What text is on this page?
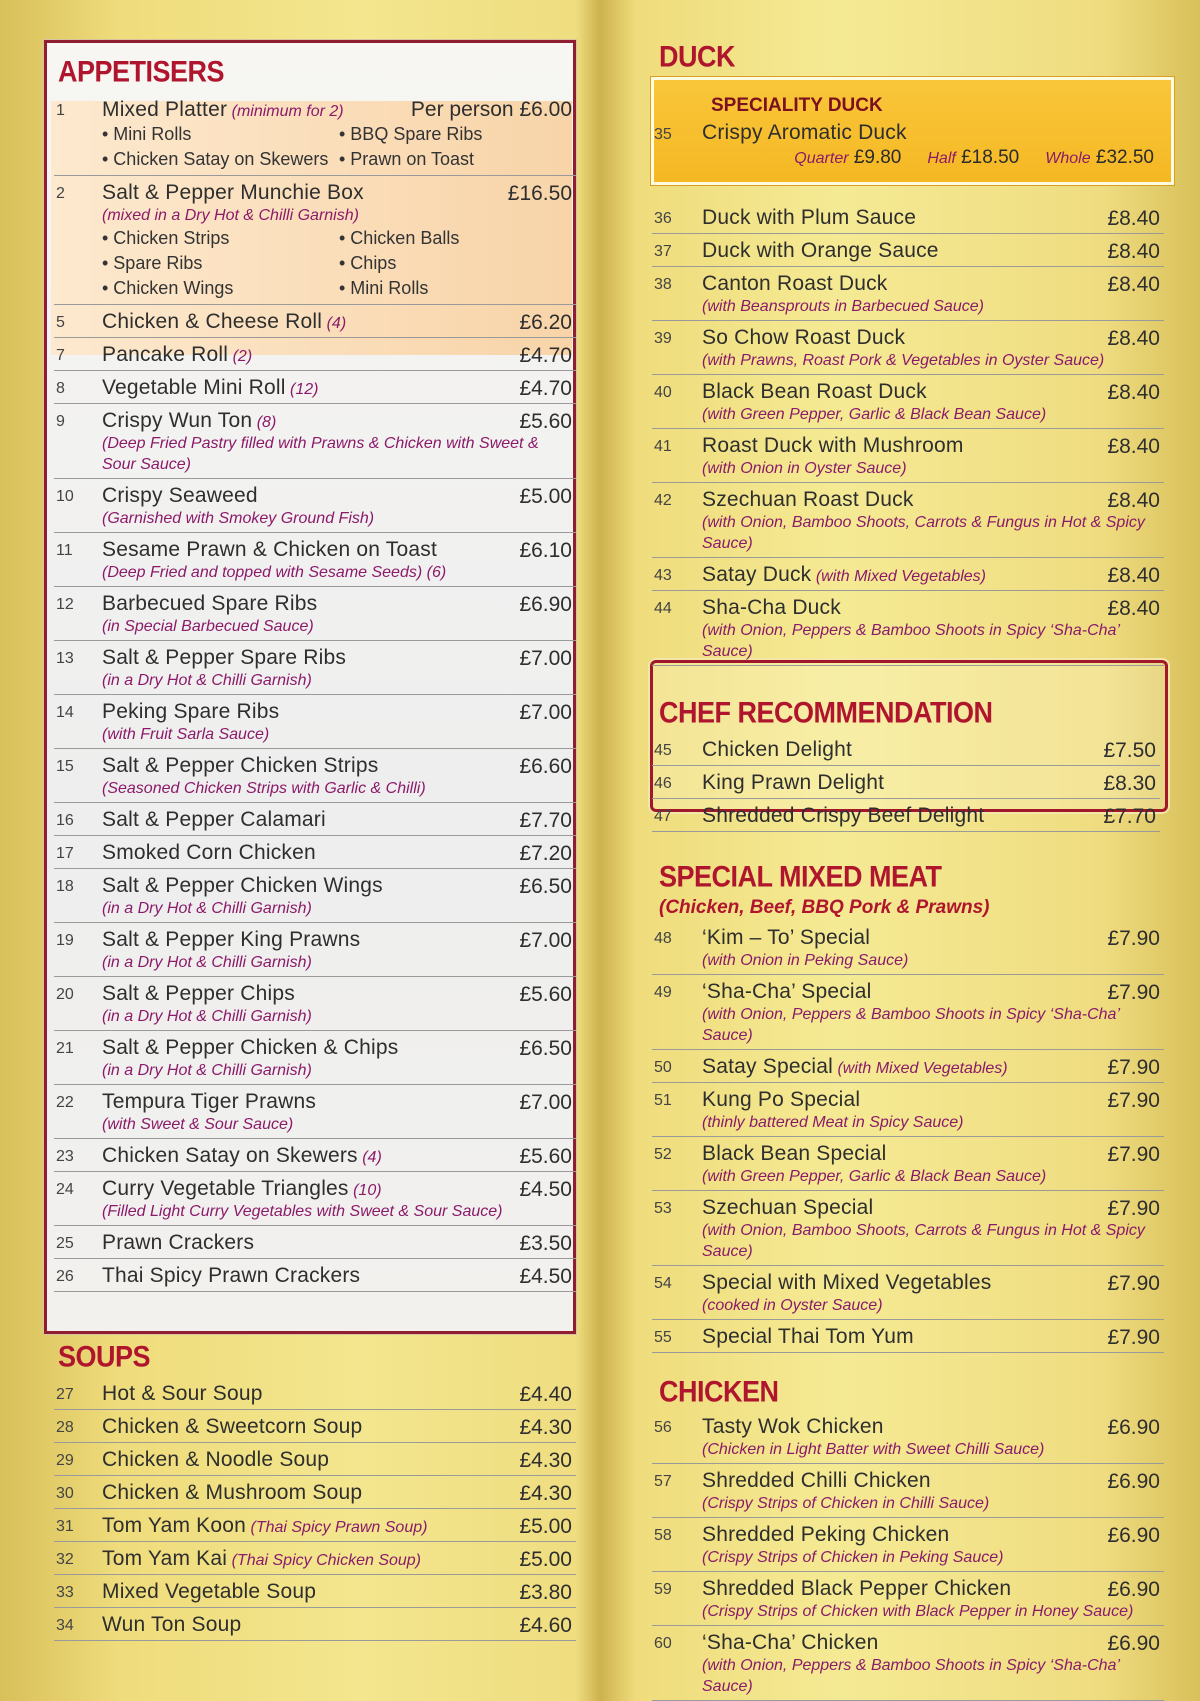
APPETISERS
1 Mixed Platter (minimum for 2)	Per person £6.00
• Mini Rolls	• BBQ Spare Ribs
• Chicken Satay on Skewers • Prawn on Toast
2 Salt & Pepper Munchie Box	£16.50
(mixed in a Dry Hot & Chilli Garnish)
• Chicken Strips	• Chicken Balls
• Spare Ribs	• Chips
• Chicken Wings	• Mini Rolls
5 Chicken & Cheese Roll (4)	£6.20
7 Pancake Roll (2)	£4.70
8 Vegetable Mini Roll (12)	£4.70
9 Crispy Wun Ton (8)	£5.60
(Deep Fried Pastry filled with Prawns & Chicken with Sweet & Sour Sauce)
10 Crispy Seaweed	£5.00
(Garnished with Smokey Ground Fish)
11 Sesame Prawn & Chicken on Toast	£6.10
(Deep Fried and topped with Sesame Seeds) (6)
12 Barbecued Spare Ribs	£6.90
(in Special Barbecued Sauce)
13 Salt & Pepper Spare Ribs	£7.00
(in a Dry Hot & Chilli Garnish)
14 Peking Spare Ribs	£7.00
(with Fruit Sarla Sauce)
15 Salt & Pepper Chicken Strips	£6.60
(Seasoned Chicken Strips with Garlic & Chilli)
16 Salt & Pepper Calamari	£7.70
17 Smoked Corn Chicken	£7.20
18 Salt & Pepper Chicken Wings	£6.50
(in a Dry Hot & Chilli Garnish)
19 Salt & Pepper King Prawns	£7.00
(in a Dry Hot & Chilli Garnish)
20 Salt & Pepper Chips	£5.60
(in a Dry Hot & Chilli Garnish)
21 Salt & Pepper Chicken & Chips	£6.50
(in a Dry Hot & Chilli Garnish)
22 Tempura Tiger Prawns	£7.00
(with Sweet & Sour Sauce)
23 Chicken Satay on Skewers (4)	£5.60
24 Curry Vegetable Triangles (10)	£4.50
(Filled Light Curry Vegetables with Sweet & Sour Sauce)
25 Prawn Crackers	£3.50
26 Thai Spicy Prawn Crackers	£4.50
SOUPS
27 Hot & Sour Soup	£4.40
28 Chicken & Sweetcorn Soup	£4.30
29 Chicken & Noodle Soup	£4.30
30 Chicken & Mushroom Soup	£4.30
31 Tom Yam Koon (Thai Spicy Prawn Soup)	£5.00
32 Tom Yam Kai (Thai Spicy Chicken Soup)	£5.00
33 Mixed Vegetable Soup	£3.80
34 Wun Ton Soup	£4.60
DUCK
SPECIALITY DUCK
35 Crispy Aromatic Duck
Quarter £9.80 Half £18.50 Whole £32.50
36 Duck with Plum Sauce	£8.40
37 Duck with Orange Sauce	£8.40
38 Canton Roast Duck	£8.40
(with Beansprouts in Barbecued Sauce)
39 So Chow Roast Duck	£8.40
(with Prawns, Roast Pork & Vegetables in Oyster Sauce)
40 Black Bean Roast Duck	£8.40
(with Green Pepper, Garlic & Black Bean Sauce)
41 Roast Duck with Mushroom	£8.40
(with Onion in Oyster Sauce)
42 Szechuan Roast Duck	£8.40
(with Onion, Bamboo Shoots, Carrots & Fungus in Hot & Spicy Sauce)
43 Satay Duck (with Mixed Vegetables)	£8.40
44 Sha-Cha Duck	£8.40
(with Onion, Peppers & Bamboo Shoots in Spicy ‘Sha-Cha’ Sauce)
CHEF RECOMMENDATION
45 Chicken Delight	£7.50
46 King Prawn Delight	£8.30
47 Shredded Crispy Beef Delight	£7.70
SPECIAL MIXED MEAT
(Chicken, Beef, BBQ Pork & Prawns)
48 ‘Kim – To’ Special	£7.90
(with Onion in Peking Sauce)
49 ‘Sha-Cha’ Special	£7.90
(with Onion, Peppers & Bamboo Shoots in Spicy ‘Sha-Cha’ Sauce)
50 Satay Special (with Mixed Vegetables)	£7.90
51 Kung Po Special	£7.90
(thinly battered Meat in Spicy Sauce)
52 Black Bean Special	£7.90
(with Green Pepper, Garlic & Black Bean Sauce)
53 Szechuan Special	£7.90
(with Onion, Bamboo Shoots, Carrots & Fungus in Hot & Spicy Sauce)
54 Special with Mixed Vegetables	£7.90
(cooked in Oyster Sauce)
55 Special Thai Tom Yum	£7.90
CHICKEN
56 Tasty Wok Chicken	£6.90
(Chicken in Light Batter with Sweet Chilli Sauce)
57 Shredded Chilli Chicken	£6.90
(Crispy Strips of Chicken in Chilli Sauce)
58 Shredded Peking Chicken	£6.90
(Crispy Strips of Chicken in Peking Sauce)
59 Shredded Black Pepper Chicken	£6.90
(Crispy Strips of Chicken with Black Pepper in Honey Sauce)
60 ‘Sha-Cha’ Chicken	£6.90
(with Onion, Peppers & Bamboo Shoots in Spicy ‘Sha-Cha’ Sauce)
